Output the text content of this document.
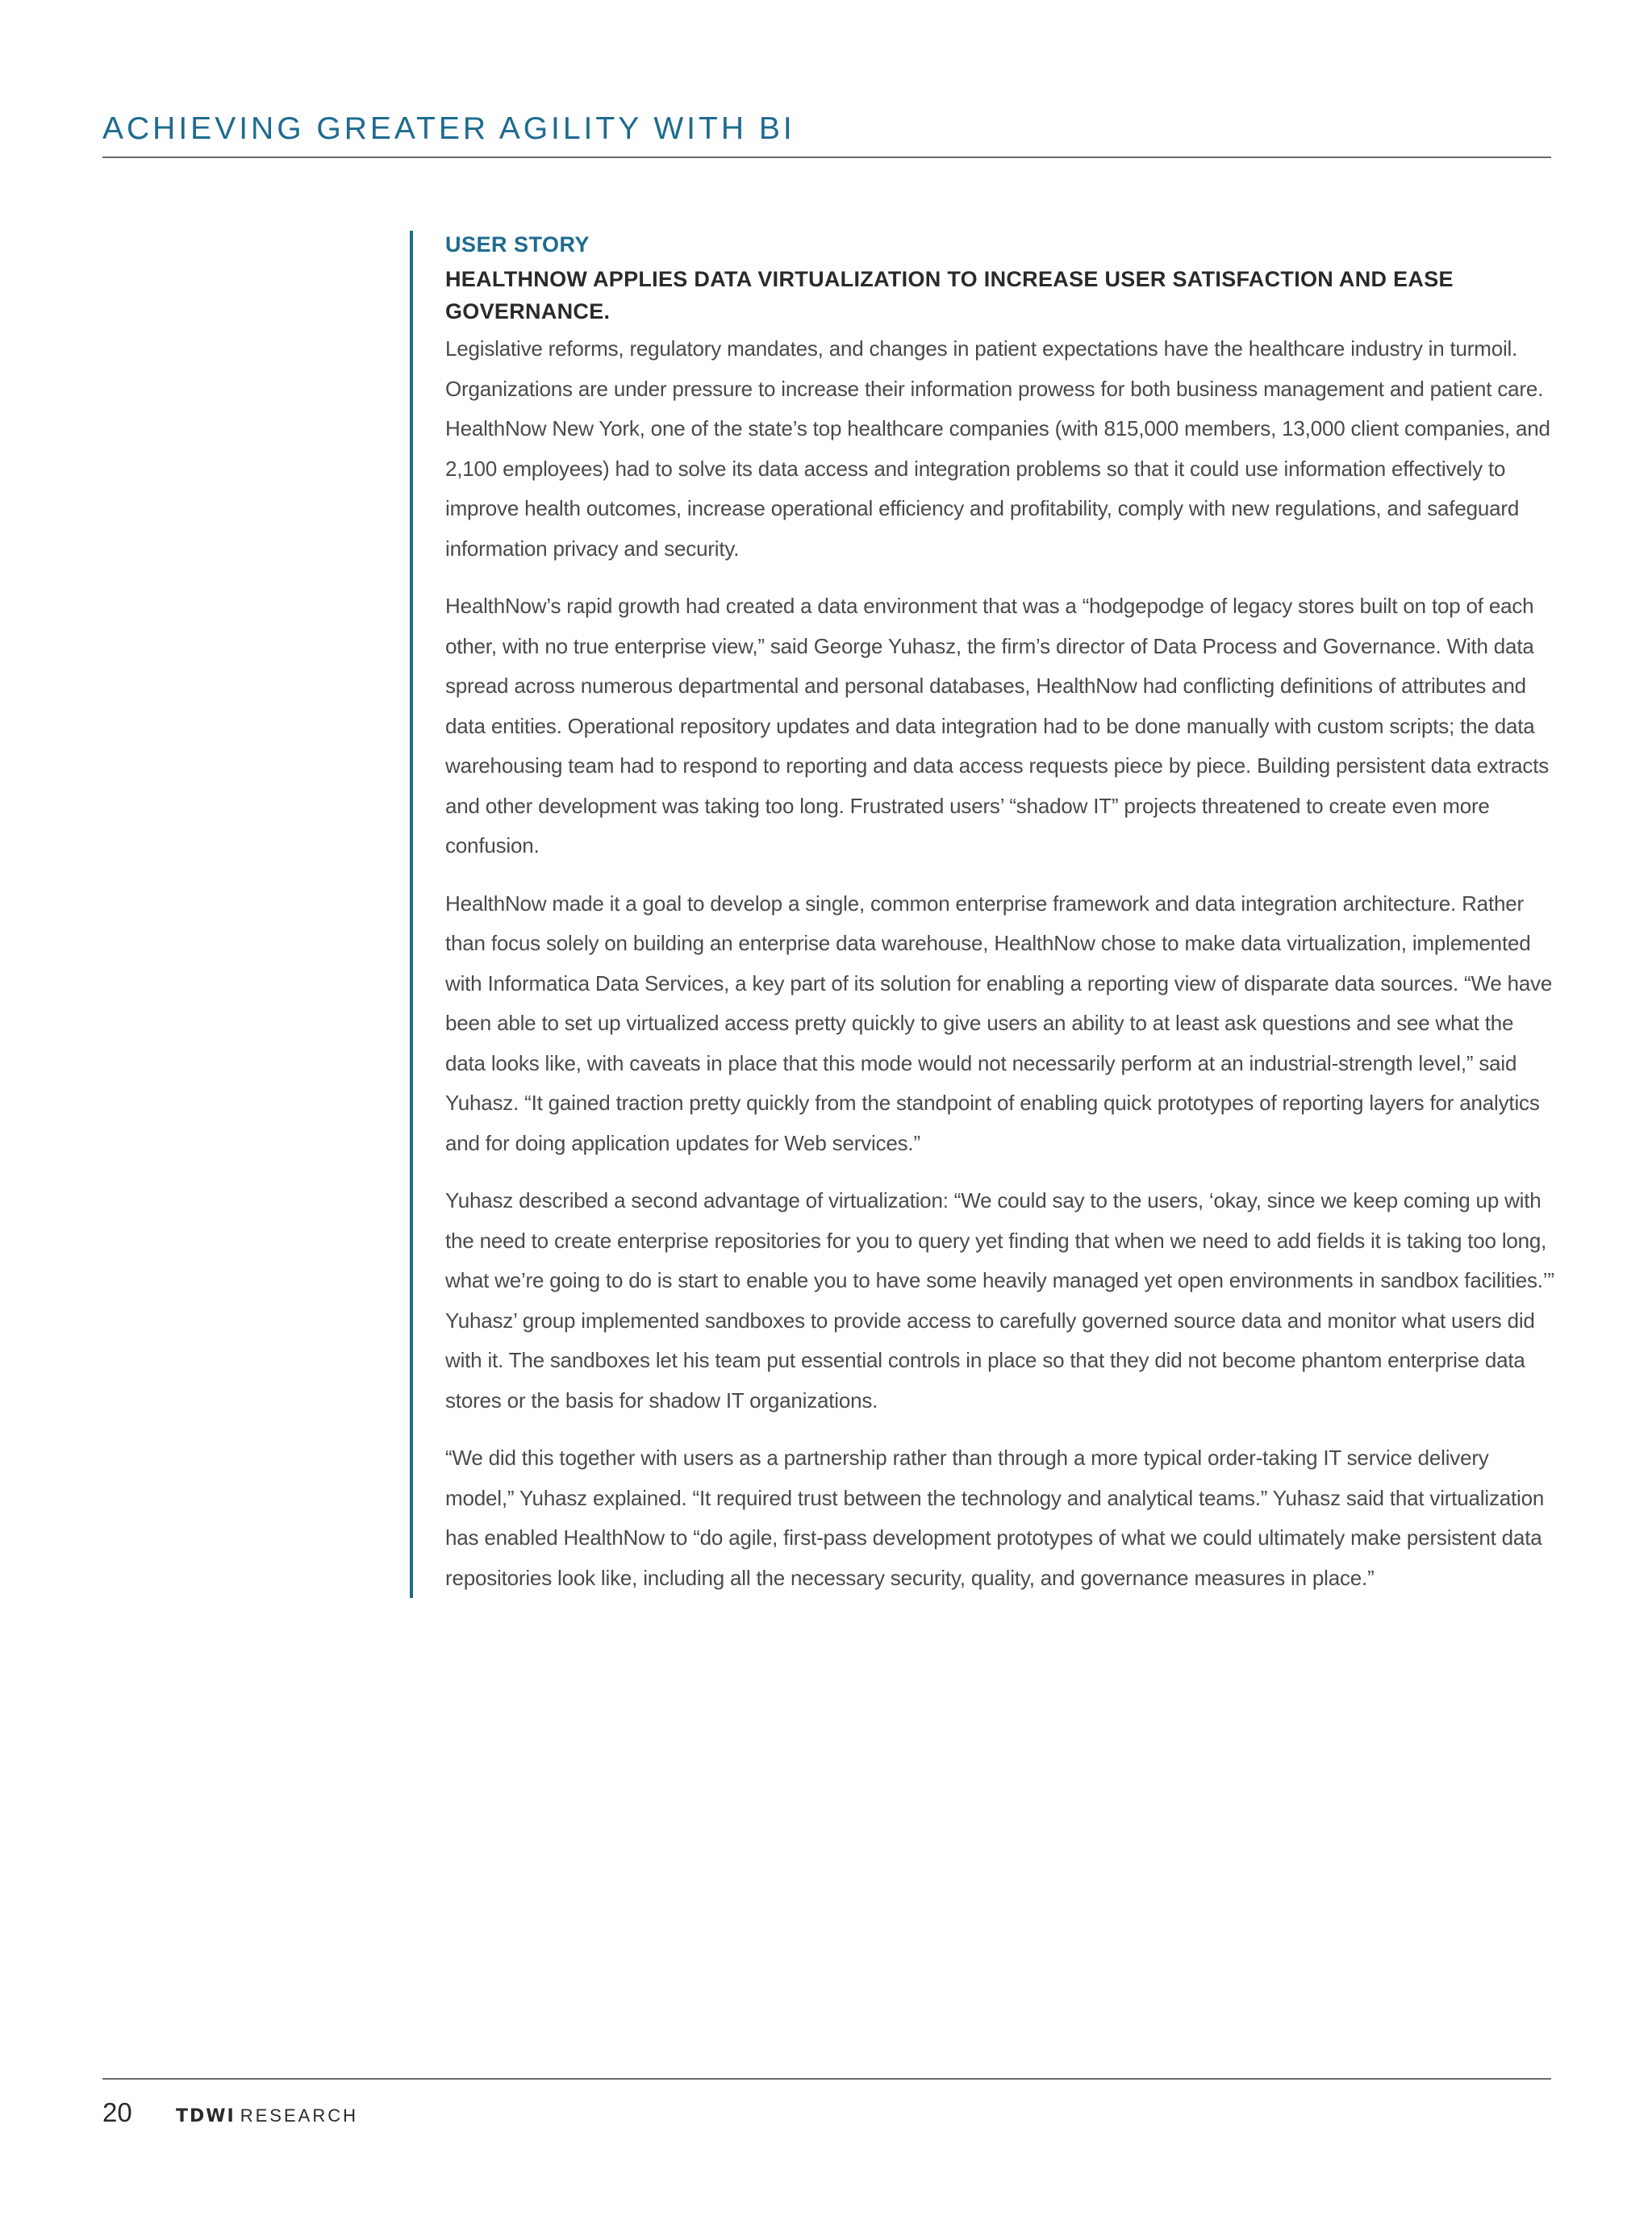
ACHIEVING GREATER AGILITY WITH BI
USER STORY
HEALTHNOW APPLIES DATA VIRTUALIZATION TO INCREASE USER SATISFACTION AND EASE GOVERNANCE.

Legislative reforms, regulatory mandates, and changes in patient expectations have the healthcare industry in turmoil. Organizations are under pressure to increase their information prowess for both business management and patient care. HealthNow New York, one of the state’s top healthcare companies (with 815,000 members, 13,000 client companies, and 2,100 employees) had to solve its data access and integration problems so that it could use information effectively to improve health outcomes, increase operational efficiency and profitability, comply with new regulations, and safeguard information privacy and security.

HealthNow’s rapid growth had created a data environment that was a “hodgepodge of legacy stores built on top of each other, with no true enterprise view,” said George Yuhasz, the firm’s director of Data Process and Governance. With data spread across numerous departmental and personal databases, HealthNow had conflicting definitions of attributes and data entities. Operational repository updates and data integration had to be done manually with custom scripts; the data warehousing team had to respond to reporting and data access requests piece by piece. Building persistent data extracts and other development was taking too long. Frustrated users’ “shadow IT” projects threatened to create even more confusion.

HealthNow made it a goal to develop a single, common enterprise framework and data integration architecture. Rather than focus solely on building an enterprise data warehouse, HealthNow chose to make data virtualization, implemented with Informatica Data Services, a key part of its solution for enabling a reporting view of disparate data sources. “We have been able to set up virtualized access pretty quickly to give users an ability to at least ask questions and see what the data looks like, with caveats in place that this mode would not necessarily perform at an industrial-strength level,” said Yuhasz. “It gained traction pretty quickly from the standpoint of enabling quick prototypes of reporting layers for analytics and for doing application updates for Web services.”

Yuhasz described a second advantage of virtualization: “We could say to the users, ‘okay, since we keep coming up with the need to create enterprise repositories for you to query yet finding that when we need to add fields it is taking too long, what we’re going to do is start to enable you to have some heavily managed yet open environments in sandbox facilities.’” Yuhasz’ group implemented sandboxes to provide access to carefully governed source data and monitor what users did with it. The sandboxes let his team put essential controls in place so that they did not become phantom enterprise data stores or the basis for shadow IT organizations.

“We did this together with users as a partnership rather than through a more typical order-taking IT service delivery model,” Yuhasz explained. “It required trust between the technology and analytical teams.” Yuhasz said that virtualization has enabled HealthNow to “do agile, first-pass development prototypes of what we could ultimately make persistent data repositories look like, including all the necessary security, quality, and governance measures in place.”

20 TDWI RESEARCH
